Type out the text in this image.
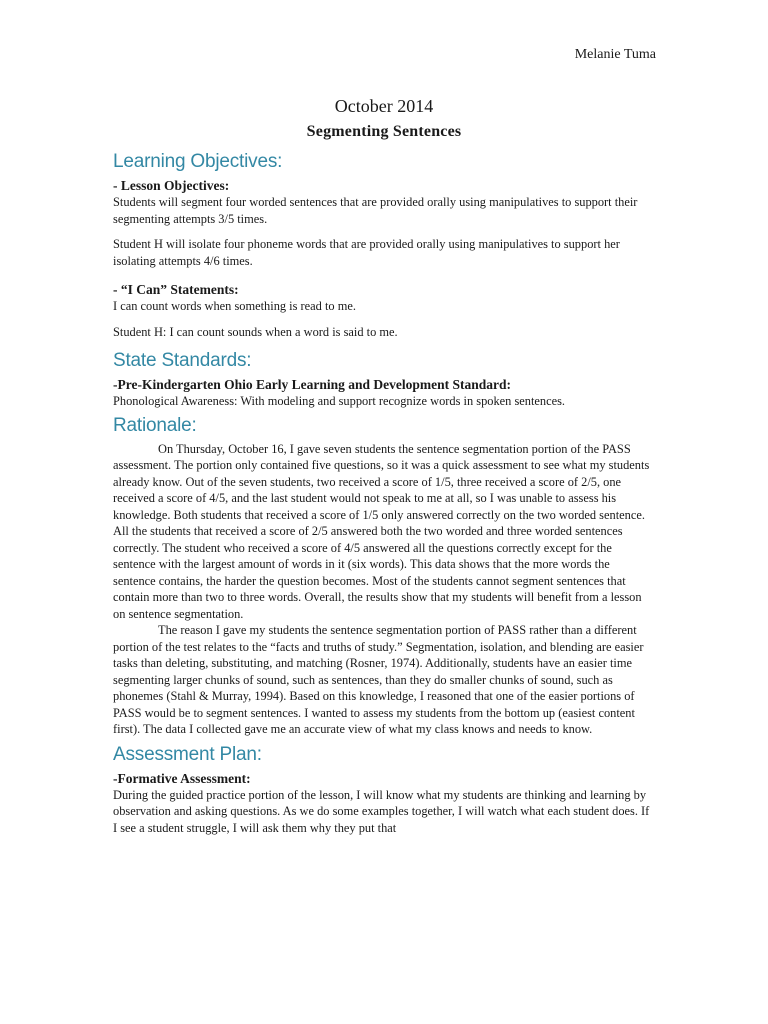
Melanie Tuma
October 2014
Segmenting Sentences
Learning Objectives:
- Lesson Objectives:

Students will segment four worded sentences that are provided orally using manipulatives to support their segmenting attempts 3/5 times.

Student H will isolate four phoneme words that are provided orally using manipulatives to support her isolating attempts 4/6 times.

- “I Can” Statements:

I can count words when something is read to me.

Student H: I can count sounds when a word is said to me.

State Standards:
-Pre-Kindergarten Ohio Early Learning and Development Standard:

Phonological Awareness: With modeling and support recognize words in spoken sentences.

Rationale:

On Thursday, October 16, I gave seven students the sentence segmentation portion of the PASS assessment. The portion only contained five questions, so it was a quick assessment to see what my students already know. Out of the seven students, two received a score of 1/5, three received a score of 2/5, one received a score of 4/5, and the last student would not speak to me at all, so I was unable to assess his knowledge. Both students that received a score of 1/5 only answered correctly on the two worded sentence. All the students that received a score of 2/5 answered both the two worded and three worded sentences correctly. The student who received a score of 4/5 answered all the questions correctly except for the sentence with the largest amount of words in it (six words). This data shows that the more words the sentence contains, the harder the question becomes. Most of the students cannot segment sentences that contain more than two to three words. Overall, the results show that my students will benefit from a lesson on sentence segmentation.

The reason I gave my students the sentence segmentation portion of PASS rather than a different portion of the test relates to the “facts and truths of study.” Segmentation, isolation, and blending are easier tasks than deleting, substituting, and matching (Rosner, 1974). Additionally, students have an easier time segmenting larger chunks of sound, such as sentences, than they do smaller chunks of sound, such as phonemes (Stahl & Murray, 1994). Based on this knowledge, I reasoned that one of the easier portions of PASS would be to segment sentences. I wanted to assess my students from the bottom up (easiest content first). The data I collected gave me an accurate view of what my class knows and needs to know.

Assessment Plan:
-Formative Assessment:

During the guided practice portion of the lesson, I will know what my students are thinking and learning by observation and asking questions. As we do some examples together, I will watch what each student does. If I see a student struggle, I will ask them why they put that
